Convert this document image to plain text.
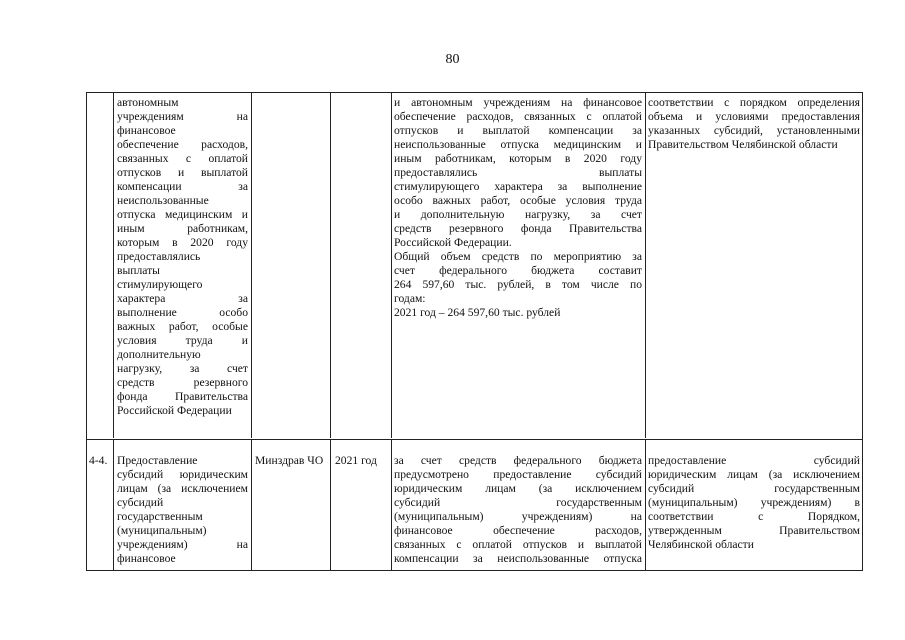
80
автономным
учреждениям на
финансовое
обеспечение расходов,
связанных с оплатой
отпусков и выплатой
компенсации за
неиспользованные
отпуска медицинским и
иным работникам,
которым в 2020 году
предоставлялись
выплаты
стимулирующего
характера за
выполнение особо
важных работ, особые
условия труда и
дополнительную
нагрузку, за счет
средств резервного
фонда Правительства
Российской Федерации
и автономным учреждениям на финансовое
обеспечение расходов, связанных с оплатой
отпусков и выплатой компенсации за
неиспользованные отпуска медицинским и
иным работникам, которым в 2020 году
предоставлялись выплаты
стимулирующего характера за выполнение
особо важных работ, особые условия труда
и дополнительную нагрузку, за счет
средств резервного фонда Правительства
Российской Федерации.
Общий объем средств по мероприятию за
счет федерального бюджета составит
264 597,60 тыс. рублей, в том числе по
годам:
2021 год – 264 597,60 тыс. рублей
соответствии с порядком определения
объема и условиями предоставления
указанных субсидий, установленными
Правительством Челябинской области
4-4. Предоставление
субсидий юридическим
лицам (за исключением
субсидий
государственным
(муниципальным)
учреждениям) на
финансовое
Минздрав ЧО	2021 год	за счет средств федерального бюджета
предусмотрено предоставление субсидий
юридическим лицам (за исключением
субсидий государственным
(муниципальным) учреждениям) на
финансовое обеспечение расходов,
связанных с оплатой отпусков и выплатой
компенсации за неиспользованные отпуска
предоставление субсидий
юридическим лицам (за исключением
субсидий государственным
(муниципальным) учреждениям) в
соответствии с Порядком,
утвержденным Правительством
Челябинской области
